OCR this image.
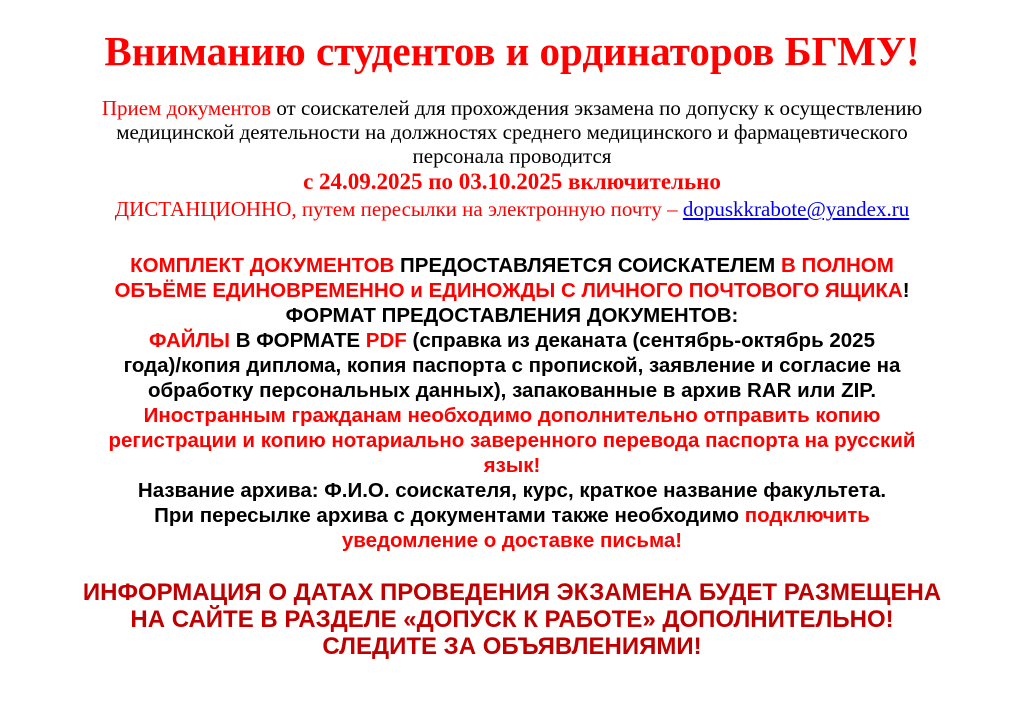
Вниманию студентов и ординаторов БГМУ!
Прием документов от соискателей для прохождения экзамена по допуску к осуществлению
медицинской деятельности на должностях среднего медицинского и фармацевтического
персонала проводится
с 24.09.2025 по 03.10.2025 включительно
ДИСТАНЦИОННО, путем пересылки на электронную почту – dopuskkrabote@yandex.ru
КОМПЛЕКТ ДОКУМЕНТОВ ПРЕДОСТАВЛЯЕТСЯ СОИСКАТЕЛЕМ В ПОЛНОМ
ОБЪЁМЕ ЕДИНОВРЕМЕННО и ЕДИНОЖДЫ С ЛИЧНОГО ПОЧТОВОГО ЯЩИКА!
ФОРМАТ ПРЕДОСТАВЛЕНИЯ ДОКУМЕНТОВ:
ФАЙЛЫ В ФОРМАТЕ PDF (справка из деканата (сентябрь-октябрь 2025
года)/копия диплома, копия паспорта с пропиской, заявление и согласие на
обработку персональных данных), запакованные в архив RAR или ZIP.
Иностранным гражданам необходимо дополнительно отправить копию
регистрации и копию нотариально заверенного перевода паспорта на русский
язык!
Название архива: Ф.И.О. соискателя, курс, краткое название факультета.
При пересылке архива с документами также необходимо подключить
уведомление о доставке письма!
ИНФОРМАЦИЯ О ДАТАХ ПРОВЕДЕНИЯ ЭКЗАМЕНА БУДЕТ РАЗМЕЩЕНА
НА САЙТЕ В РАЗДЕЛЕ «ДОПУСК К РАБОТЕ» ДОПОЛНИТЕЛЬНО!
СЛЕДИТЕ ЗА ОБЪЯВЛЕНИЯМИ!
